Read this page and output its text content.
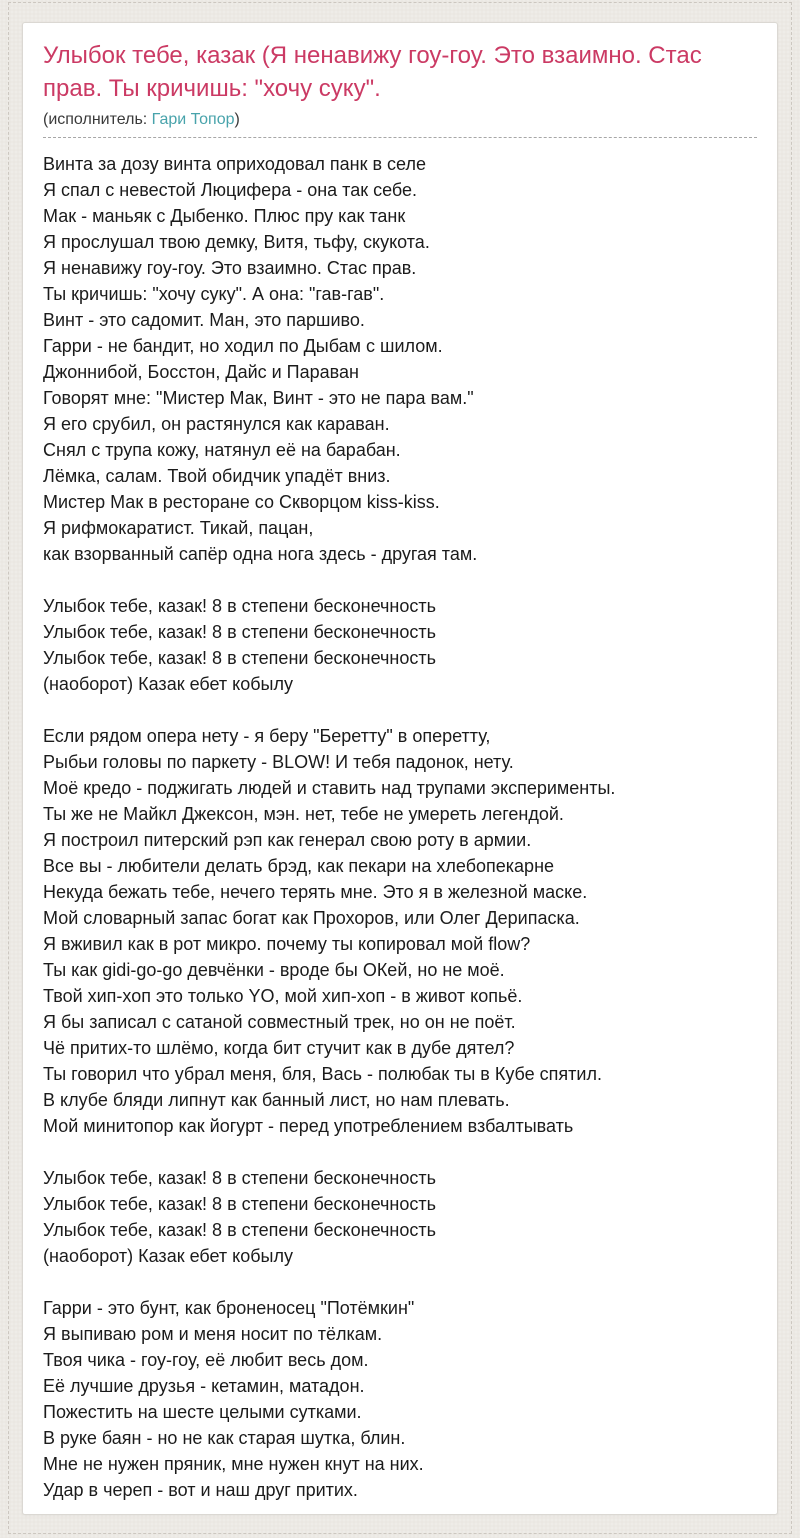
Улыбок тебе, казак (Я ненавижу гоу-гоу. Это взаимно. Стас прав. Ты кричишь: "хочу суку".
(исполнитель: Гари Топор)
Винта за дозу винта оприходовал панк в селе
Я спал с невестой Люцифера - она так себе.
Мак - маньяк с Дыбенко. Плюс пру как танк
Я прослушал твою демку, Витя, тьфу, скукота.
Я ненавижу гоу-гоу. Это взаимно. Стас прав.
Ты кричишь: "хочу суку". А она: "гав-гав".
Винт - это садомит. Ман, это паршиво.
Гарри - не бандит, но ходил по Дыбам с шилом.
Джоннибой, Босстон, Дайс и Параван
Говорят мне: "Мистер Мак, Винт - это не пара вам."
Я его срубил, он растянулся как караван.
Снял с трупа кожу, натянул её на барабан.
Лёмка, салам. Твой обидчик упадёт вниз.
Мистер Мак в ресторане со Скворцом kiss-kiss.
Я рифмокаратист. Тикай, пацан,
как взорванный сапёр одна нога здесь - другая там.
Улыбок тебе, казак! 8 в степени бесконечность
Улыбок тебе, казак! 8 в степени бесконечность
Улыбок тебе, казак! 8 в степени бесконечность
(наоборот) Казак ебет кобылу
Если рядом опера нету - я беру "Беретту" в оперетту,
Рыбьи головы по паркету - BLOW! И тебя падонок, нету.
Моё кредо - поджигать людей и ставить над трупами эксперименты.
Ты же не Майкл Джексон, мэн. нет, тебе не умереть легендой.
Я построил питерский рэп как генерал свою роту в армии.
Все вы - любители делать брэд, как пекари на хлебопекарне
Некуда бежать тебе, нечего терять мне. Это я в железной маске.
Мой словарный запас богат как Прохоров, или Олег Дерипаска.
Я вживил как в рот микро. почему ты копировал мой flow?
Ты как gidi-go-go девчёнки - вроде бы ОКей, но не моё.
Твой хип-хоп это только YO, мой хип-хоп - в живот копьё.
Я бы записал с сатаной совместный трек, но он не поёт.
Чё притих-то шлёмо, когда бит стучит как в дубе дятел?
Ты говорил что убрал меня, бля, Вась - полюбак ты в Кубе спятил.
В клубе бляди липнут как банный лист, но нам плевать.
Мой минитопор как йогурт - перед употреблением взбалтывать
Улыбок тебе, казак! 8 в степени бесконечность
Улыбок тебе, казак! 8 в степени бесконечность
Улыбок тебе, казак! 8 в степени бесконечность
(наоборот) Казак ебет кобылу
Гарри - это бунт, как броненосец "Потёмкин"
Я выпиваю ром и меня носит по тёлкам.
Твоя чика - гоу-гоу, её любит весь дом.
Её лучшие друзья - кетамин, матадон.
Пожестить на шесте целыми сутками.
В руке баян - но не как старая шутка, блин.
Мне не нужен пряник, мне нужен кнут на них.
Удар в череп - вот и наш друг притих.
